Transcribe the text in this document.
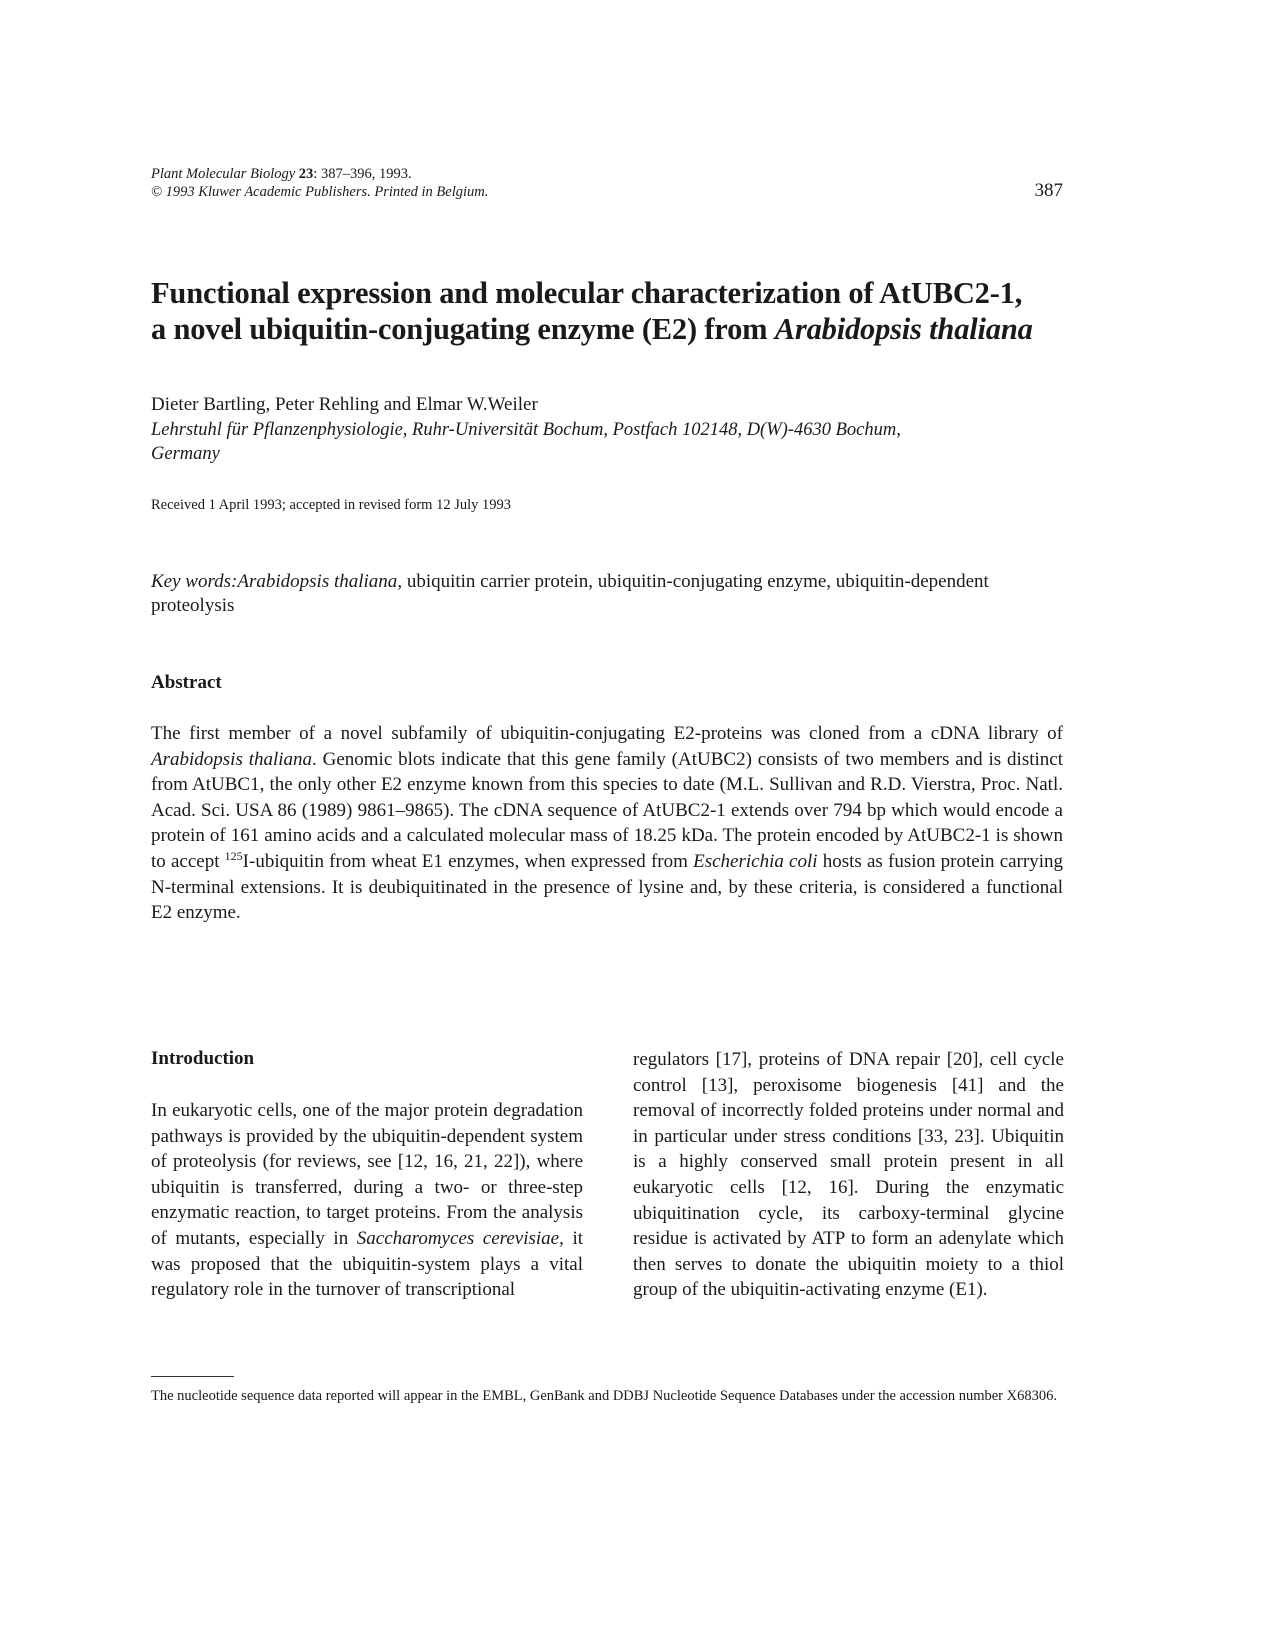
Plant Molecular Biology 23: 387–396, 1993.
© 1993 Kluwer Academic Publishers. Printed in Belgium.	387
Functional expression and molecular characterization of AtUBC2-1,
a novel ubiquitin-conjugating enzyme (E2) from Arabidopsis thaliana
Dieter Bartling, Peter Rehling and Elmar W.Weiler
Lehrstuhl für Pflanzenphysiologie, Ruhr-Universität Bochum, Postfach 102148, D(W)-4630 Bochum,
Germany
Received 1 April 1993; accepted in revised form 12 July 1993
Key words:Arabidopsis thaliana, ubiquitin carrier protein, ubiquitin-conjugating enzyme, ubiquitin-dependent proteolysis
Abstract
The first member of a novel subfamily of ubiquitin-conjugating E2-proteins was cloned from a cDNA library of Arabidopsis thaliana. Genomic blots indicate that this gene family (AtUBC2) consists of two members and is distinct from AtUBC1, the only other E2 enzyme known from this species to date (M.L. Sullivan and R.D. Vierstra, Proc. Natl. Acad. Sci. USA 86 (1989) 9861–9865). The cDNA sequence of AtUBC2-1 extends over 794 bp which would encode a protein of 161 amino acids and a calculated molecular mass of 18.25 kDa. The protein encoded by AtUBC2-1 is shown to accept $^{125}$I-ubiquitin from wheat E1 enzymes, when expressed from Escherichia coli hosts as fusion protein carrying N-terminal extensions. It is deubiquitinated in the presence of lysine and, by these criteria, is considered a functional E2 enzyme.
Introduction
In eukaryotic cells, one of the major protein degradation pathways is provided by the ubiquitin-dependent system of proteolysis (for reviews, see [12, 16, 21, 22]), where ubiquitin is transferred, during a two- or three-step enzymatic reaction, to target proteins. From the analysis of mutants, especially in Saccharomyces cerevisiae, it was proposed that the ubiquitin-system plays a vital regulatory role in the turnover of transcriptional
regulators [17], proteins of DNA repair [20], cell cycle control [13], peroxisome biogenesis [41] and the removal of incorrectly folded proteins under normal and in particular under stress conditions [33, 23]. Ubiquitin is a highly conserved small protein present in all eukaryotic cells [12, 16]. During the enzymatic ubiquitination cycle, its carboxy-terminal glycine residue is activated by ATP to form an adenylate which then serves to donate the ubiquitin moiety to a thiol group of the ubiquitin-activating enzyme (E1).
The nucleotide sequence data reported will appear in the EMBL, GenBank and DDBJ Nucleotide Sequence Databases under the accession number X68306.
